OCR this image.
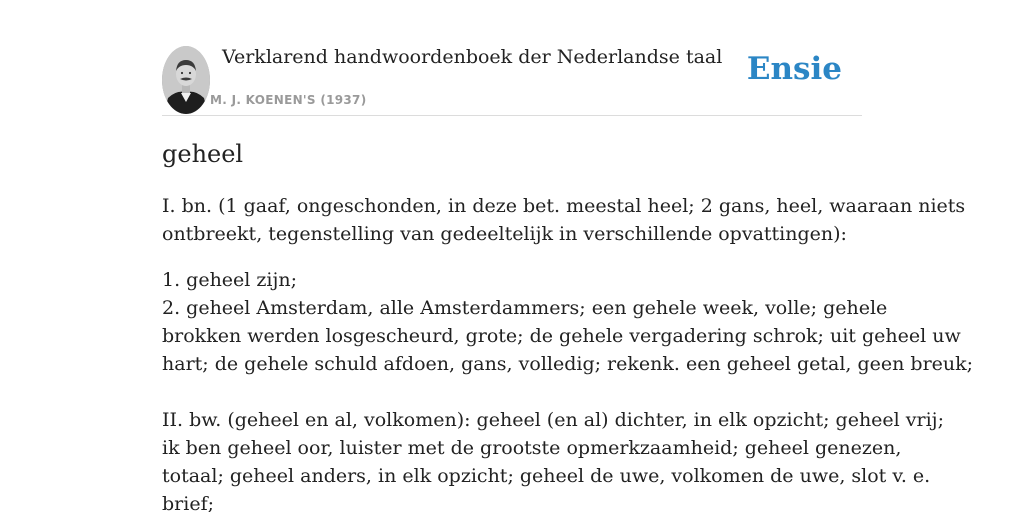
Verklarend handwoordenboek der Nederlandse taal
M. J. KOENEN'S (1937)
Ensie
geheel

I. bn. (1 gaaf, ongeschonden, in deze bet. meestal heel; 2 gans, heel, waaraan niets
ontbreekt, tegenstelling van gedeeltelijk in verschillende opvattingen):

1. geheel zijn;
2. geheel Amsterdam, alle Amsterdammers; een gehele week, volle; gehele
brokken werden losgescheurd, grote; de gehele vergadering schrok; uit geheel uw
hart; de gehele schuld afdoen, gans, volledig; rekenk. een geheel getal, geen breuk;

II. bw. (geheel en al, volkomen): geheel (en al) dichter, in elk opzicht; geheel vrij;
ik ben geheel oor, luister met de grootste opmerkzaamheid; geheel genezen,
totaal; geheel anders, in elk opzicht; geheel de uwe, volkomen de uwe, slot v. e.
brief;
